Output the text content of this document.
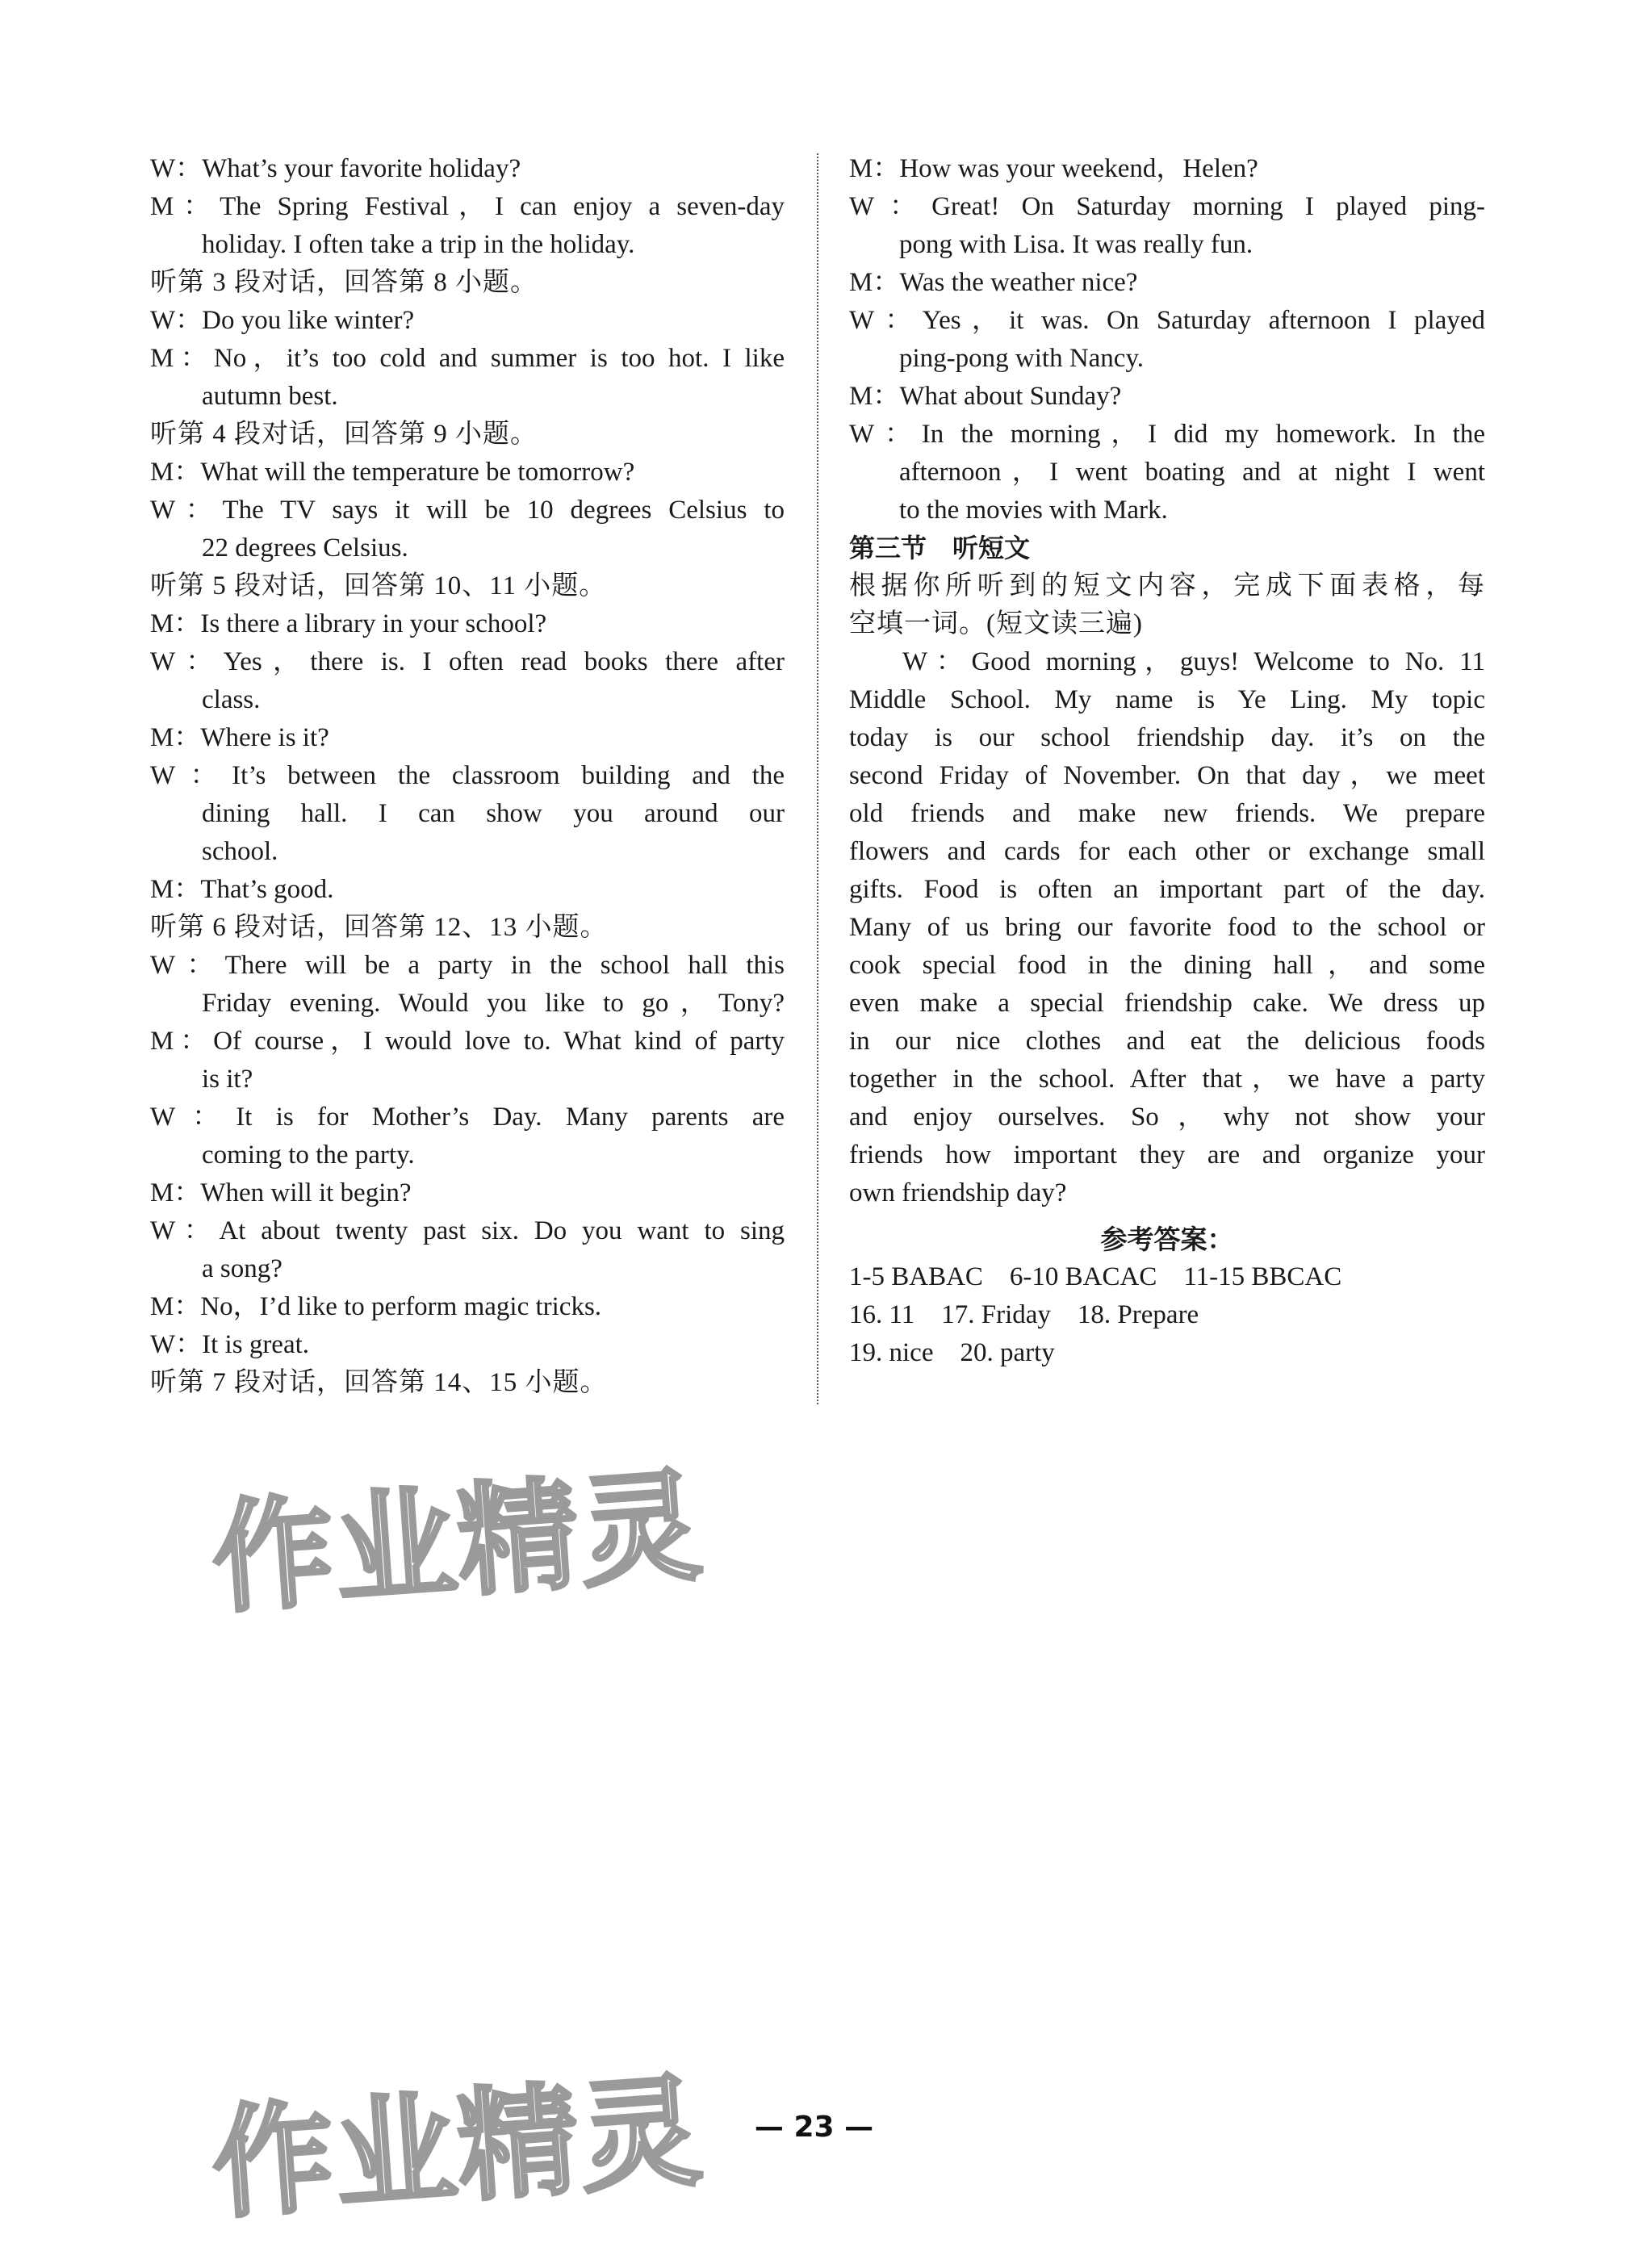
W：What’s your favorite holiday?
M：The Spring Festival，I can enjoy a seven-day
holiday. I often take a trip in the holiday.
听第 3 段对话，回答第 8 小题。
W：Do you like winter?
M：No，it’s too cold and summer is too hot. I like
autumn best.
听第 4 段对话，回答第 9 小题。
M：What will the temperature be tomorrow?
W：The TV says it will be 10 degrees Celsius to
22 degrees Celsius.
听第 5 段对话，回答第 10、11 小题。
M：Is there a library in your school?
W：Yes，there is. I often read books there after
class.
M：Where is it?
W：It’s between the classroom building and the
dining hall. I can show you around our
school.
M：That’s good.
听第 6 段对话，回答第 12、13 小题。
W：There will be a party in the school hall this
Friday evening. Would you like to go，Tony?
M：Of course，I would love to. What kind of party
is it?
W：It is for Mother’s Day. Many parents are
coming to the party.
M：When will it begin?
W：At about twenty past six. Do you want to sing
a song?
M：No，I’d like to perform magic tricks.
W：It is great.
听第 7 段对话，回答第 14、15 小题。
M：How was your weekend，Helen?
W：Great! On Saturday morning I played ping-
pong with Lisa. It was really fun.
M：Was the weather nice?
W：Yes，it was. On Saturday afternoon I played
ping-pong with Nancy.
M：What about Sunday?
W：In the morning，I did my homework. In the
afternoon，I went boating and at night I went
to the movies with Mark.
第三节　听短文
根据你所听到的短文内容，完成下面表格，每
空填一词。(短文读三遍)
W：Good morning，guys! Welcome to No. 11
Middle School. My name is Ye Ling. My topic
today is our school friendship day. it’s on the
second Friday of November. On that day，we meet
old friends and make new friends. We prepare
flowers and cards for each other or exchange small
gifts. Food is often an important part of the day.
Many of us bring our favorite food to the school or
cook special food in the dining hall，and some
even make a special friendship cake. We dress up
in our nice clothes and eat the delicious foods
together in the school. After that，we have a party
and enjoy ourselves. So，why not show your
friends how important they are and organize your
own friendship day?
参考答案：
1-5 BABAC　6-10 BACAC　11-15 BBCAC
16. 11　17. Friday　18. Prepare
19. nice　20. party
作业精灵
作业精灵	— 23 —
